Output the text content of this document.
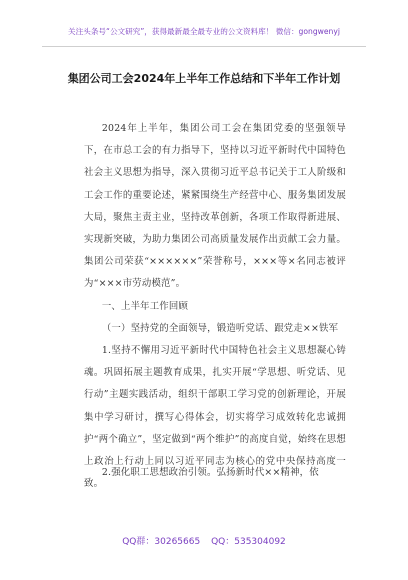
关注头条号“公文研究”，获得最新最全最专业的公文资料库！ 微信：gongwenyj
集团公司工会2024年上半年工作总结和下半年工作计划

2024年上半年，集团公司工会在集团党委的坚强领导下，在市总工会的有力指导下，坚持以习近平新时代中国特色社会主义思想为指导，深入贯彻习近平总书记关于工人阶级和工会工作的重要论述，紧紧围绕生产经营中心、服务集团发展大局，聚焦主责主业，坚持改革创新，各项工作取得新进展、实现新突破，为助力集团公司高质量发展作出贡献工会力量。集团公司荣获“××××××”荣誉称号，×××等×名同志被评为“×××市劳动模范”。

一、上半年工作回顾

（一）坚持党的全面领导，锻造听党话、跟党走××铁军

1.坚持不懈用习近平新时代中国特色社会主义思想凝心铸魂。巩固拓展主题教育成果，扎实开展“学思想、听党话、见行动”主题实践活动，组织干部职工学习党的创新理论，开展集中学习研讨，撰写心得体会，切实将学习成效转化忠诚拥护“两个确立”，坚定做到“两个维护”的高度自觉，始终在思想上政治上行动上同以习近平同志为核心的党中央保持高度一致。

2.强化职工思想政治引领。弘扬新时代××精神，依

QQ群：30265665 QQ：535304092
